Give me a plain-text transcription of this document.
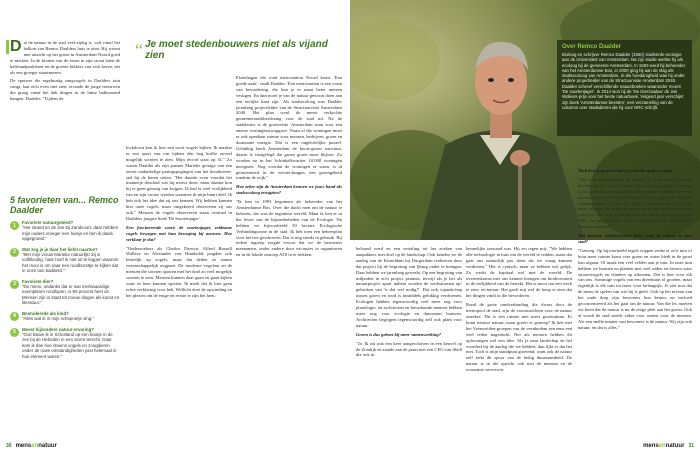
Dat de natuur in de stad veel-zijdig is, valt vanaf het balkon van Remco Daalders huis te zien. Hij woont met uitzicht op het groen in Amsterdam-Noord goed te merken. In de kronen van de essen in zijn straat laten de halsbandparkieten en de groene kikkers van zich horen, net als een groepje staartmezen.

De sperwer die regelmatig zangvogels in Daalders tuin vangt, laat zich even niet zien, ervaade de jonge meeuwen die graag vanaf het dak dingen in de Ianse balkonrand hangen. Daalder: "Tijdens de

5 favorieten van... Remco Daalder
1	Favoriete natuurgebied?
"Het strand en de zee bij Zandvoort, daar hebben mijn ouders vroeger een huisje en ben ik daals opgegroeid."
2	Wat zeg je je daar het liefst naartoe?
"Met mijn vrouw Marieke natuurlijk! Zij is vollbloodig, haar hoef ik niet uit te leggen waarom het mooi is om naar een roodborsttje te kijken dat in onze tuin badderd."
3	Favoriete dier?
"De mens, ondanks dat er wat merkwaardige exemplaren rondlopen, is 90 procent heel ok. Mensen zijn in staat tot mooie dingen als kunst en literatuur."
4	Bestudeerde als kind?
"Alles wat ik in mijn schepnetje ving."
5	Meest bijzondere natuur-ervaring?
"Ooit kwam ik in Schotland op een bootje in de zee bij de Hebriden in een storm terecht. Daar kom ik dan hoe ritsiens vogels en zoogdieren onder de ruwe omstandigheden juist helemaal in hun element waren."
“ Je moet stedenbouwers niet als vijand zien

lockdown kon ik hier een soort vogels kijken. Ik maakte er een sport van om tijdens één hog koffie zoveel mogelijk soorten te zien. Mijn record staat op 31." Zo waren Daalder als zijn partner Marieke getuige van een eerste ondankelige paringspogingen van het houtduiven-stel bij de buren reiten. "Het duurde even voordat het mannetje doorhad wat hij moest doen, maar daarna kon hij er geen genoeg van krijgen. Ik had er veel vrolijkheid van en zijn vrouw werden waarmee ik mijn buurt deel. Ik heb ook het idee dat zij ons kennen. Wij hebben kunnen hier onze vogels, maar omgekeerd observeren zij ons ook." Mensen de vogels observeren staan centraal in Daalders jongste boek 'De Soortenjager'.

Een fascinerende soort: de soortenjager, zeldzame vogels bewegen met hun beweging bij mensen. Hoe verklaar je dat?

"Onderzoekers als Charles Darwin, Alfred Russell Wallace en Alexander von Humboldt jaagden ook letterlijk op vogels, maar dat deden ze vanuit wetenschappelijk oogpunt. De moderne vogelaar en de mensen die soorten spotten met het doel zo veel mogelijk soorten te zien. Mensen kunnen daar gaan en gaan kijken waar ze hem kunnen spotten. Ik merk dat ik hier geen echte verklaring voor heb. Wellicht doet de opwinding en het plezier om de enige en eerste te zijn het hem.

Elzenhagen die rond metrostation Noord komt. 'Een goede zaak', vindt Daalder. 'Een metrostation is een vorm van bevordering, die kun je er maar beter meteen vestigen. En dan moet je van de natuur gewoon doen aan een eerlijke kant zijn.' Als stadsecoloog was Daalder jarenlang projectleider van de Structuurvisie Amsterdam 2040. Het plan werd de meest verkochte gemeenteraadsbeslissing voor de stad uit. Na de stadsbouw is de groenvisie 'Amsterdam staat voor een eneroe woningbouwopgave. Naast al die woningen moet er ook openbaar ruimte voor mensen, bedrijven, groen en duurzame energie. Dat is een ongelofelijke puzzel. Gelukkig heeft Amsterdam de boots-groen structuur, daarin is vastgelegd dat groen groen moet blijven. Zo worden nu in het Schinkelkwartier 10.000 woningen neergezet. Nog voordat de woningen er staan, is al geïnvesteerd in de verster-kingen, een groengebied rondom de wijk."

Hoe zeker zijn de Amsterdam kennen we jouw hand als stadsecoloog terugzien?

"Ik ben in 1993 begonnen als beheerder van het Amsterdamse Bos. Over die dacht men om de natuur te beheren, dat was de ingenieur wereld. Maar ik ben er in het leven van de bijzonderheden van de Ecologie. Nu hebben we bijvoorbeeld 50 hectare Ecologische Verbindingszone in de stad. Ik heb toen een beheerplan voor het bos geschreven. Dat is nog steeds in gebruik. Bij iedere ingreep zorgde ervoor dat we de bewoners meenamen, onder andere door excursies te organiseren en in de lokale omroep ATS in te trekken.

30 mensennatuur
Over Remco Daalder
Bioloog en schrijver Remco Daalder (1960) studeerde ecologie aan de Universiteit van Amsterdam. Na zijn studie werkte hij als ecoloog bij de gemeente Amsterdam. In 1993 werd hij beheerder van het Amsterdamse Bos, in 2000 ging hij aan de slag als stadsecoloog van Amsterdam. In die hoedanigheid was hij onder andere projectleider van de Structuurvisie Amsterdam 2040. Daalder schreef verschillende natuurboeken waaronder recent 'De soortenjager'. In 2014 won hij de 'De Gierzwaluw' de Jan Wolkers-prijs voor het beste natuurboek. Volgend jaar verschijnt zijn boek 'Amsterdamse beesten', een verzameling van de columns over stadsdieren die hij voor NRC schrijft.

beloond werd en een vertaling tot het zoeken van aanpakken, met doel op de landschap. Ook kenden we de aanleg van de Kinseldam bij Durgerdam realiseren door dat project bij de begroting van Ijburg onder te brengen. Daar hebben we jarenlang gewerkt. Op een begroting van miljarden in zo'n project peanuts, terwijl als je het als natuurproject apart indient worden de werkstromen op-gebroken van 'is dat wel nodig?'. Dat ook vijandschap tussen groen en rood is inmiddels gelukkig verdwenen. Ecologen hebben tegenwoordig veel meer oog voor planologie, en architecten en bouwkunde mensen hebben meer oog voor ecologie en duurzaam bouwen. Architecten begrijpen tegenwoordig zelf ook plant voor natuur.

Groen is dus geboet bij meer samenwerking?

"Ja. Ik zat ook een keer aangeschoven in een keuvel op de Zondijk en zaaide aan de praat met een CEO van Shell die ook in

kennelijke toestand was. Hij zei tegen mij: "We hebben alle technologie in huis om de wereld te redden, maar dat gaat ons natuurlijk pas doen als we vraag kunnen verdienen." Het is cynisch, maar ze hebben wel gelijk. Zo werkt de kapitaal wel met de wereld. De overeenkomst met ons kennen brengen om biodiversiteit in de eerlijkheid van de betrekt. Het is mooi om een werk te zien, en natuur. Het geeft mij wel de hoop te zien dat het dingen vindt in die bevorderen.

Rond de grote randverbinding die dwars door de metropool de stad, zijn de vooruitzichten voor de natuur onzeker. 'Dit is een ruimte met meer groeiruimte. Er komt nieuwe natuur, maar groeit er genoeg? Ik heb met het Veenweiden-groepen van de veenbodem een eens een veel reden nagedacht. Net als mensen hebben dit oplossingen wel een idee. Als je naar landschap en het voordeel bij de aanleg die we hebben, dan lijkt er dat het niet. Toch is mijn standpunt groeiend, want ook de natuur zelf trekt dit spoor van de heilig duurzaamheid. De natuur is in die opzicht ook met de mensen en de economie verweven.

Toch ben je gewoon met je werk als stads-ecoloog

"Het is de mooiste baan ter wereld, ik denk zo'n zelfs voor betalen om dat werk te doen. Maar op een gegeven moment is het goed om als oude, witte man plaats te maken voor een nieuwe generatie. Ik hoorde mezelf vaker zeggen 'in de jaren negentig deden we dat zo.' Dat is een teken dat je je plek moet afstaan. Ik wilde ik graag meer tijd hebben voor het schrijven van mijn columns voor de Amsterdam-bijlage van NRC en mijn boeken. Het is heerlijk om de hele dag te kunnen schrijven."

Wat kunnen stadsbewoners doen voor de natuur in hun stad?

"Genoeg. Op bijvoorbeeld tegels wippen zodat er zo'n tuin of bout meer ruimte komt voor groen en water biedt in de groei kan afgaan. Of maak een veel velden aan je tuin. In onze tuin hebben we bramen en planten met veel zaden en bessen waar stroomvogels en vlinders op afkomen. Dat is hier voor elk van ons. Sommige vogels van een dierentuin of groeten, maar eigenlijk is elk tuin tot meer voor belangrijk. Je ziet nou dat de mens de spelen van wie hij is geeft. Ook op het niveau van het oude dorp zijn bewoners hun kennis en invloed geconcentreerd als het gaat om de natuur. Van die les moeten we leren dat de natuur is nu de enige plek aan het groen. Ook al wordt de stad steeds vaker voor stenen voor de mensen. Als een snelle manier van bewoners is de natuur. Wij zijn ook natuur, en dat is alles."

mensennatuur 31
